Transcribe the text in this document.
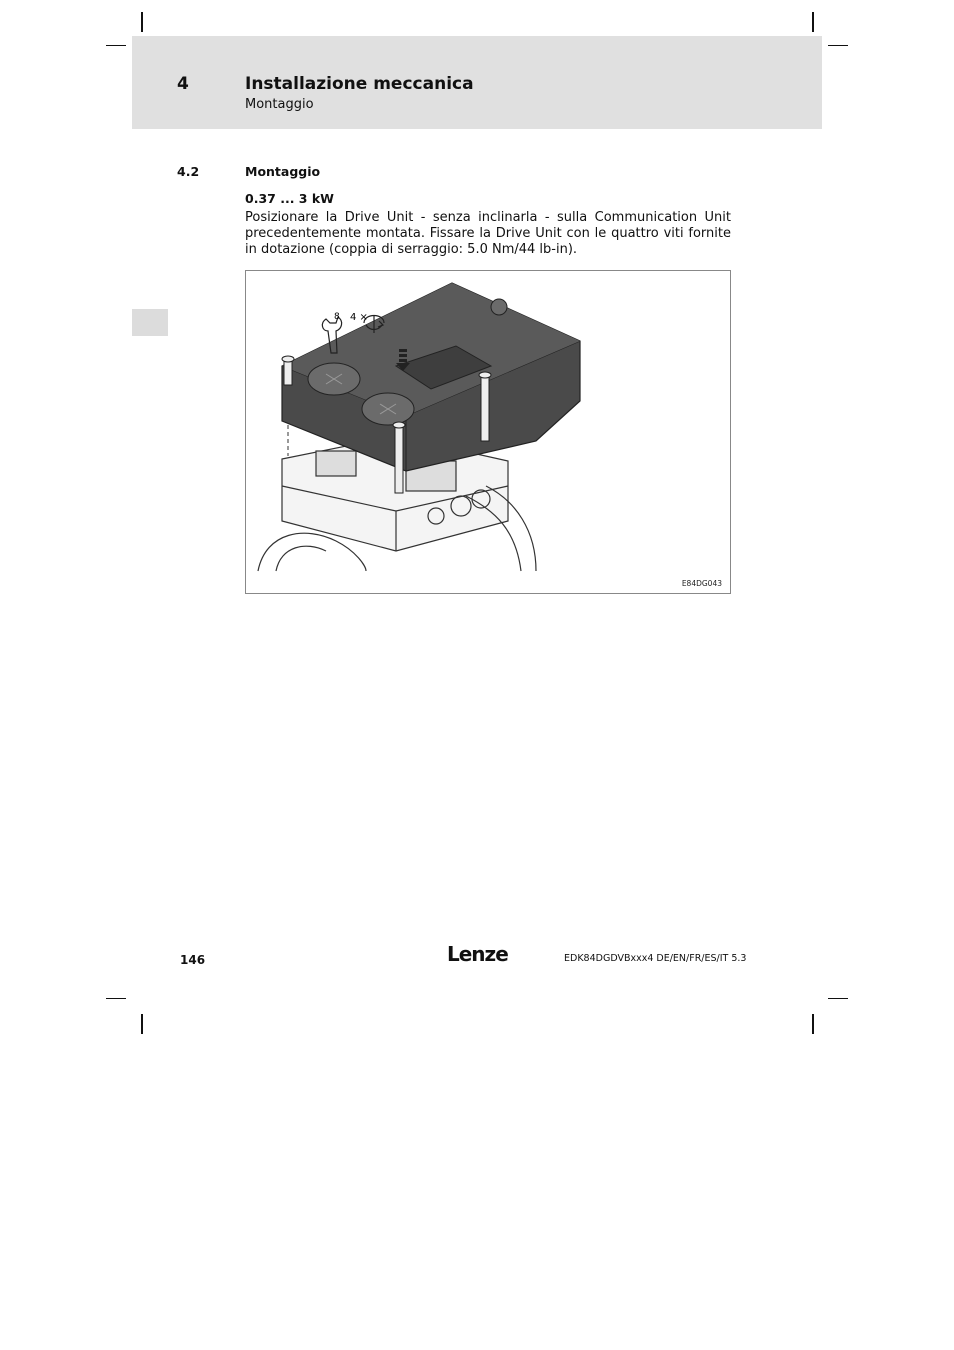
4	Installazione meccanica
Montaggio
4.2	Montaggio
0.37 ... 3 kW
Posizionare la Drive Unit - senza inclinarla - sulla Communication Unit precedentemente montata. Fissare la Drive Unit con le quattro viti fornite in dotazione (coppia di serraggio: 5.0 Nm/44 lb-in).
8 4 ×
E84DG043
146	Lenze	EDK84DGDVBxxx4 DE/EN/FR/ES/IT 5.3
